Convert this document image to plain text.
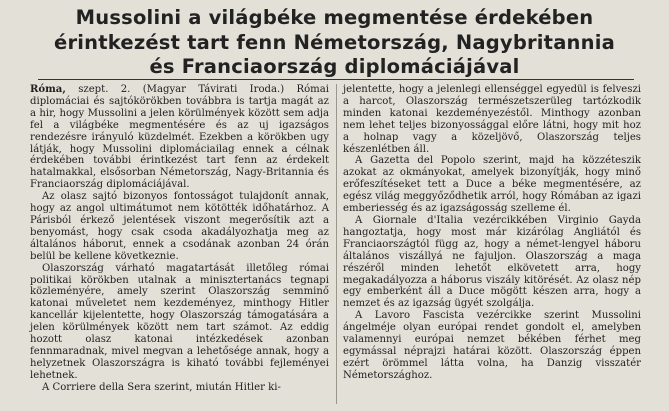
Mussolini a világbéke megmentése érdekében
érintkezést tart fenn Németország, Nagybritannia
és Franciaország diplomáciájával

Róma, szept. 2. (Magyar Távirati Iroda.) Római diplomáciai és sajtókörökben továbbra is tartja magát az a hir, hogy Mussolini a jelen körülmények között sem adja fel a világbéke megmentésére és az uj igazságos rendezésre irányuló küzdelmét. Ezekben a körökben ugy látják, hogy Mussolini diplomáciailag ennek a célnak érdekében további érintkezést tart fenn az érdekelt hatalmakkal, elsősorban Németország, Nagy-Britannia és Franciaország diplomáciájával.

Az olasz sajtó bizonyos fontosságot tulajdonít annak, hogy az angol ultimátumot nem kötötték időhatárhoz. A Párisból érkező jelentések viszont megerősítik azt a benyomást, hogy csak csoda akadályozhatja meg az általános háborut, ennek a csodának azonban 24 órán belül be kellene következnie.

Olaszország várható magatartását illetőleg római politikai körökben utalnak a minisztertanács tegnapi közleményére, amely szerint Olaszország semminő katonai műveletet nem kezdeményez, minthogy Hitler kancellár kijelentette, hogy Olaszország támogatására a jelen körülmények között nem tart számot. Az eddig hozott olasz katonai intézkedések azonban fennmaradnak, mivel megvan a lehetősége annak, hogy a helyzetnek Olaszországra is kiható további fejleményei lehetnek.

A Corriere della Sera szerint, miután Hitler ki-

jelentette, hogy a jelenlegi ellenséggel egyedül is felveszi a harcot, Olaszország természetszerüleg tartózkodik minden katonai kezdeményezéstől. Minthogy azonban nem lehet teljes bizonyossággal előre látni, hogy mit hoz a holnap vagy a közeljövő, Olaszország teljes készenlétben áll.

A Gazetta del Popolo szerint, majd ha közzéteszik azokat az okmányokat, amelyek bizonyítják, hogy minő erőfeszítéseket tett a Duce a béke megmentésére, az egész világ meggyőződhetik arról, hogy Rómában az igazi emberiesség és az igazságosság szelleme él.

A Giornale d'Italia vezércikkében Virginio Gayda hangoztatja, hogy most már kizárólag Angliától és Franciaországtól függ az, hogy a német-lengyel háboru általános viszállyá ne fajuljon. Olaszország a maga részéről minden lehetőt elkövetett arra, hogy megakadályozza a háborus viszály kitörését. Az olasz nép egy emberként áll a Duce mögött készen arra, hogy a nemzet és az igazság ügyét szolgálja.

A Lavoro Fascista vezércikke szerint Mussolini ángelméje olyan európai rendet gondolt el, amelyben valamennyi európai nemzet békében férhet meg egymással néprajzi határai között. Olaszország éppen ezért örömmel látta volna, ha Danzig visszatér Németországhoz.
